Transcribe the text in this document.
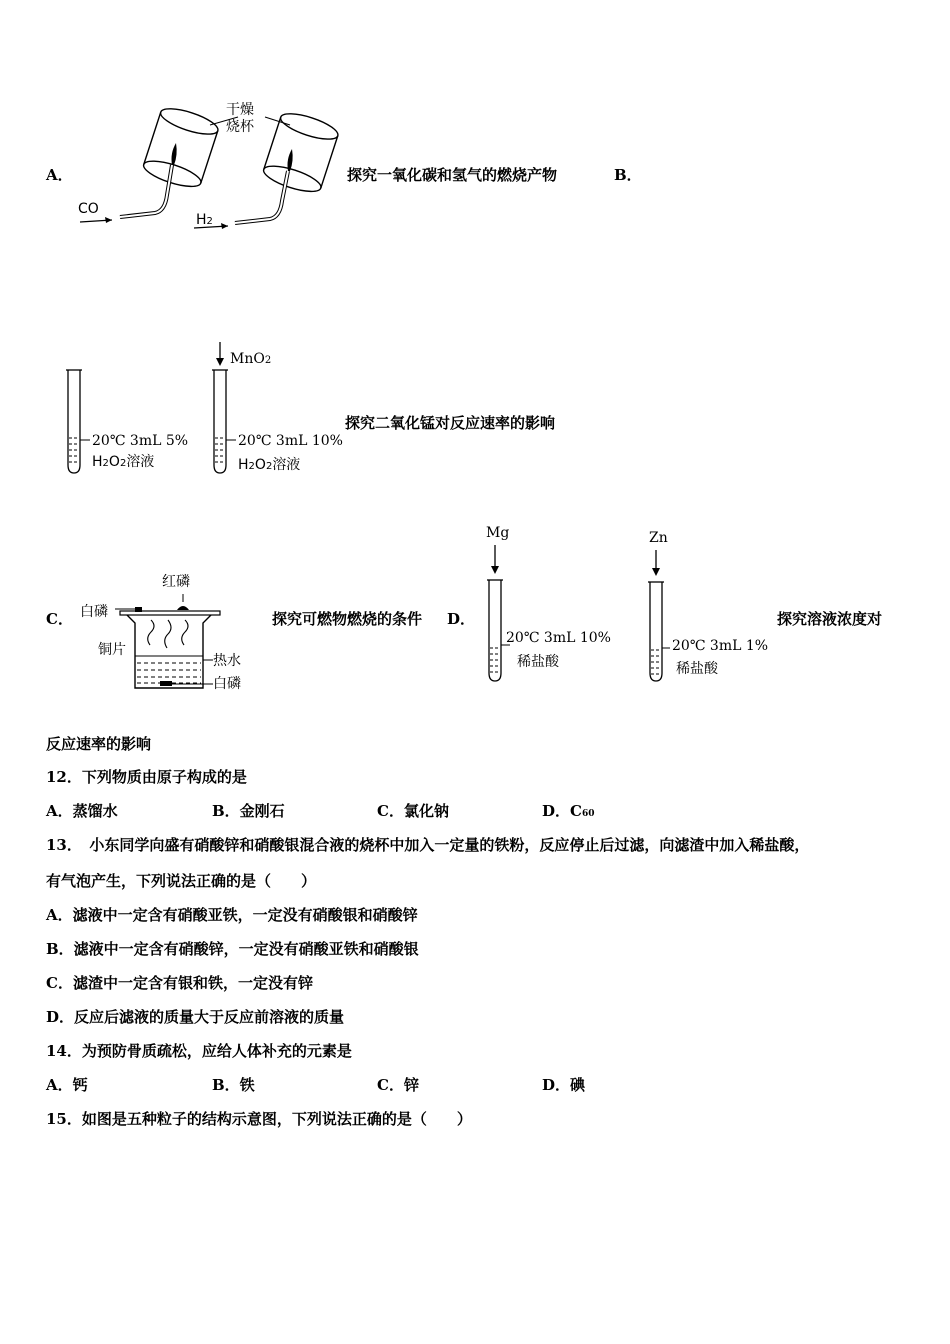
A．
干燥
烧杯
CO
H2
探究一氧化碳和氢气的燃烧产物	B．
MnO2
20℃ 3mL 5%
H2O2溶液
20℃ 3mL 10%
H2O2溶液
探究二氧化锰对反应速率的影响
C．
红磷
白磷
铜片
热水
白磷
探究可燃物燃烧的条件 D．
Mg	Zn
20℃ 3mL 10%
稀盐酸
20℃ 3mL 1%
稀盐酸
探究溶液浓度对
反应速率的影响
12．下列物质由原子构成的是
A．蒸馏水	B．金刚石	C．氯化钠	D．C60
13．　小东同学向盛有硝酸锌和硝酸银混合液的烧杯中加入一定量的铁粉，反应停止后过滤，向滤渣中加入稀盐酸，
有气泡产生，下列说法正确的是（　　）
A．滤液中一定含有硝酸亚铁，一定没有硝酸银和硝酸锌
B．滤液中一定含有硝酸锌，一定没有硝酸亚铁和硝酸银
C．滤渣中一定含有银和铁，一定没有锌
D．反应后滤液的质量大于反应前溶液的质量
14．为预防骨质疏松，应给人体补充的元素是
A．钙	B．铁	C．锌	D．碘
15．如图是五种粒子的结构示意图，下列说法正确的是（　　）
